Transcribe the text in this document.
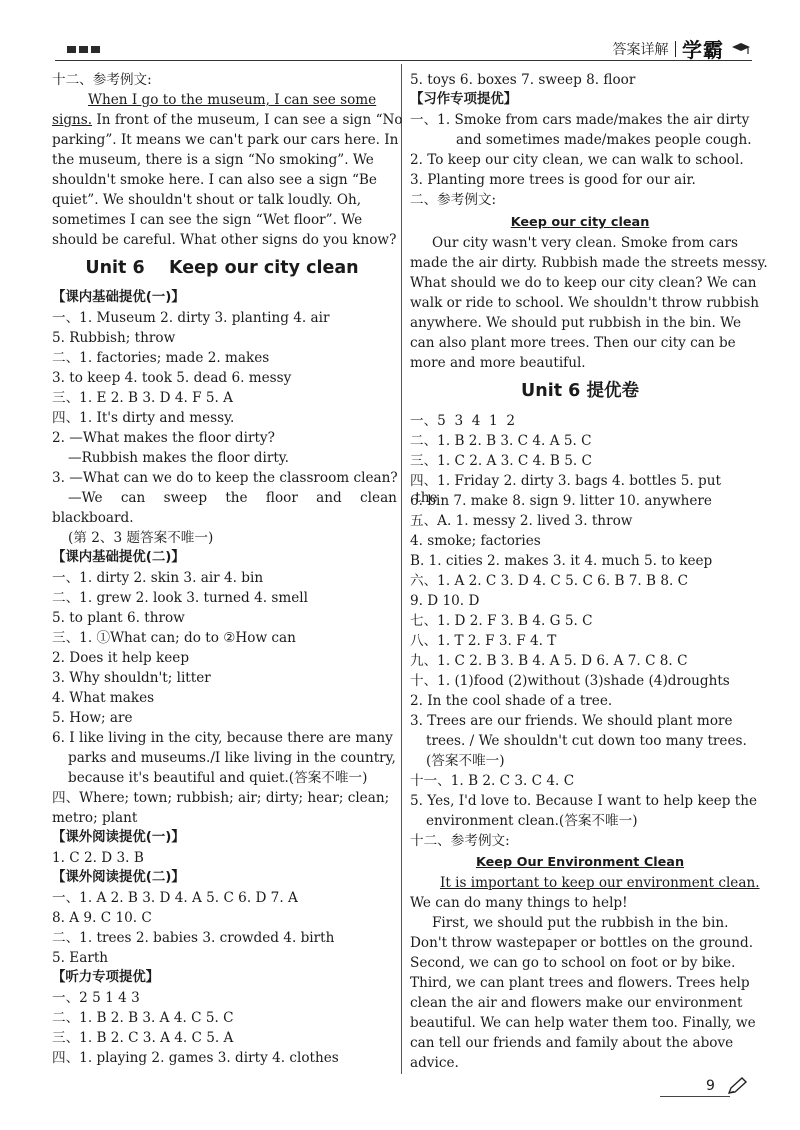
答案详解 学霸
十二、参考例文:
When I go to the museum, I can see some
signs. In front of the museum, I can see a sign “No
parking”. It means we can't park our cars here. In
the museum, there is a sign “No smoking”. We
shouldn't smoke here. I can also see a sign “Be
quiet”. We shouldn't shout or talk loudly. Oh,
sometimes I can see the sign “Wet floor”. We
should be careful. What other signs do you know?
Unit 6    Keep our city clean
【课内基础提优(一)】
一、1. Museum 2. dirty 3. planting 4. air
5. Rubbish; throw
二、1. factories; made 2. makes
3. to keep 4. took 5. dead 6. messy
三、1. E 2. B 3. D 4. F 5. A
四、1. It's dirty and messy.
2. —What makes the floor dirty?
—Rubbish makes the floor dirty.
3. —What can we do to keep the classroom clean?
—We can sweep the floor and clean the
blackboard.
(第 2、3 题答案不唯一)
【课内基础提优(二)】
一、1. dirty 2. skin 3. air 4. bin
二、1. grew 2. look 3. turned 4. smell
5. to plant 6. throw
三、1. ①What can; do to ②How can
2. Does it help keep
3. Why shouldn't; litter
4. What makes
5. How; are
6. I like living in the city, because there are many
parks and museums./I like living in the country,
because it's beautiful and quiet.(答案不唯一)
四、Where; town; rubbish; air; dirty; hear; clean;
metro; plant
【课外阅读提优(一)】
1. C 2. D 3. B
【课外阅读提优(二)】
一、1. A 2. B 3. D 4. A 5. C 6. D 7. A
8. A 9. C 10. C
二、1. trees 2. babies 3. crowded 4. birth
5. Earth
【听力专项提优】
一、2 5 1 4 3
二、1. B 2. B 3. A 4. C 5. C
三、1. B 2. C 3. A 4. C 5. A
四、1. playing 2. games 3. dirty 4. clothes
5. toys 6. boxes 7. sweep 8. floor
【习作专项提优】
一、1. Smoke from cars made/makes the air dirty
and sometimes made/makes people cough.
2. To keep our city clean, we can walk to school.
3. Planting more trees is good for our air.
二、参考例文:
Keep our city clean
Our city wasn't very clean. Smoke from cars
made the air dirty. Rubbish made the streets messy.
What should we do to keep our city clean? We can
walk or ride to school. We shouldn't throw rubbish
anywhere. We should put rubbish in the bin. We
can also plant more trees. Then our city can be
more and more beautiful.
Unit 6 提优卷
一、5  3  4  1  2
二、1. B 2. B 3. C 4. A 5. C
三、1. C 2. A 3. C 4. B 5. C
四、1. Friday 2. dirty 3. bags 4. bottles 5. put
6. bin 7. make 8. sign 9. litter 10. anywhere
五、A. 1. messy 2. lived 3. throw
4. smoke; factories
B. 1. cities 2. makes 3. it 4. much 5. to keep
六、1. A 2. C 3. D 4. C 5. C 6. B 7. B 8. C
9. D 10. D
七、1. D 2. F 3. B 4. G 5. C
八、1. T 2. F 3. F 4. T
九、1. C 2. B 3. B 4. A 5. D 6. A 7. C 8. C
十、1. (1)food (2)without (3)shade (4)droughts
2. In the cool shade of a tree.
3. Trees are our friends. We should plant more
trees. / We shouldn't cut down too many trees.
(答案不唯一)
十一、1. B 2. C 3. C 4. C
5. Yes, I'd love to. Because I want to help keep the
environment clean.(答案不唯一)
十二、参考例文:
Keep Our Environment Clean
It is important to keep our environment clean.
We can do many things to help!
First, we should put the rubbish in the bin.
Don't throw wastepaper or bottles on the ground.
Second, we can go to school on foot or by bike.
Third, we can plant trees and flowers. Trees help
clean the air and flowers make our environment
beautiful. We can help water them too. Finally, we
can tell our friends and family about the above
advice.
9
